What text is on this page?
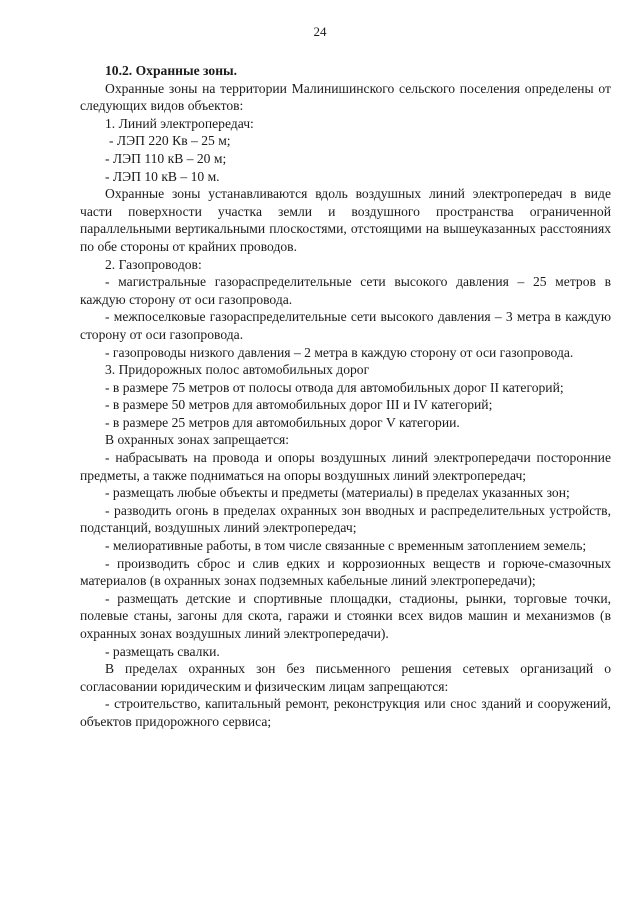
24

10.2. Охранные зоны.

Охранные зоны на территории Малинишинского сельского поселения определены от следующих видов объектов:

1. Линий электропередач:

- ЛЭП 220 Кв – 25 м;

- ЛЭП 110 кВ – 20 м;

- ЛЭП 10 кВ – 10 м.

Охранные зоны устанавливаются вдоль воздушных линий электропередач в виде части поверхности участка земли и воздушного пространства ограниченной параллельными вертикальными плоскостями, отстоящими на вышеуказанных расстояниях по обе стороны от крайних проводов.

2. Газопроводов:

- магистральные газораспределительные сети высокого давления – 25 метров в каждую сторону от оси газопровода.

- межпоселковые газораспределительные сети высокого давления – 3 метра в каждую сторону от оси газопровода.

- газопроводы низкого давления – 2 метра в каждую сторону от оси газопровода.

3. Придорожных полос автомобильных дорог

- в размере 75 метров от полосы отвода для автомобильных дорог II категорий;

- в размере 50 метров для автомобильных дорог III и IV категорий;

- в размере 25 метров для автомобильных дорог V категории.

В охранных зонах запрещается:

- набрасывать на провода и опоры воздушных линий электропередачи посторонние предметы, а также подниматься на опоры воздушных линий электропередач;

- размещать любые объекты и предметы (материалы) в пределах указанных зон;

- разводить огонь в пределах охранных зон вводных и распределительных устройств, подстанций, воздушных линий электропередач;

- мелиоративные работы, в том числе связанные с временным затоплением земель;

- производить сброс и слив едких и коррозионных веществ и горюче-смазочных материалов (в охранных зонах подземных кабельные линий электропередачи);

- размещать детские и спортивные площадки, стадионы, рынки, торговые точки, полевые станы, загоны для скота, гаражи и стоянки всех видов машин и механизмов (в охранных зонах воздушных линий электропередачи).

- размещать свалки.

В пределах охранных зон без письменного решения сетевых организаций о согласовании юридическим и физическим лицам запрещаются:

- строительство, капитальный ремонт, реконструкция или снос зданий и сооружений, объектов придорожного сервиса;
